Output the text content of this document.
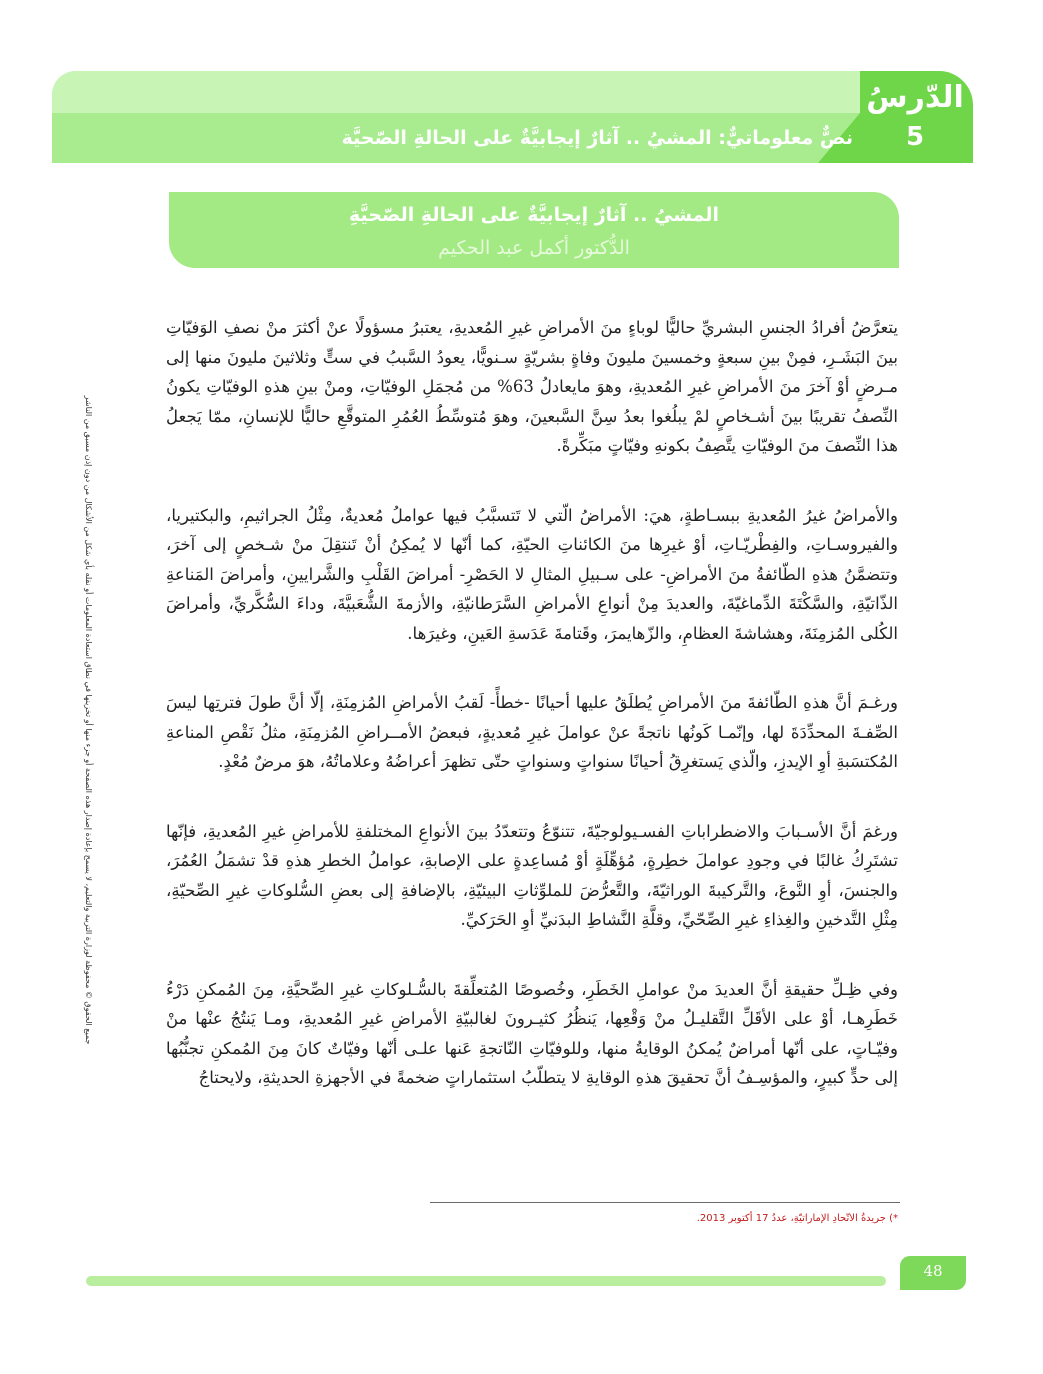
الدّرسُ
5
نصٌّ معلوماتيٌّ: المشيُ .. آثارٌ إيجابيَّةٌ على الحالةِ الصّحيَّة
المشيُ .. آثارٌ إيجابيَّةٌ على الحالةِ الصّحيَّةِ
الدُّكتور أكمل عبد الحكيم

يتعرَّضُ أفرادُ الجنسِ البشريِّ حاليًّا لوباءٍ منَ الأمراضِ غيرِ المُعديةِ، يعتبرُ مسؤولًا عنْ أكثرَ منْ نصفِ الوَفيّاتِ بينَ البَشَـرِ، فمِنْ بينِ سبعةٍ وخمسينَ مليونَ وفاةٍ بشريّةٍ سـنويًّا، يعودُ السَّببُ في ستٍّ وثلاثينَ مليونَ منها إلى مـرضٍ أوْ آخرَ منَ الأمراضِ غيرِ المُعديةِ، وهوَ مايعادلُ 63% من مُجمَلِ الوفيّاتِ، ومنْ بينِ هذهِ الوفيّاتِ يكونُ النِّصفُ تقريبًا بينَ أشـخاصٍ لمْ يبلُغوا بعدُ سِنَّ السَّبعينَ، وهوَ مُتوسِّطُ العُمُرِ المتوقَّعِ حاليًّا للإنسانِ، ممّا يَجعلُ هذا النِّصفَ منَ الوفيّاتِ يتَّصِفُ بكونهِ وفيّاتٍ مبَكِّرةً.

والأمراضُ غيرُ المُعديةِ ببسـاطةٍ، هيَ: الأمراضُ الّتي لا تَتسبَّبُ فيها عواملُ مُعديةٌ، مِثْلُ الجراثيمِ، والبكتيريا، والفيروسـاتِ، والفِطْريّـاتِ، أوْ غيرِها منَ الكائناتِ الحيّةِ، كما أنّها لا يُمكِنُ أنْ تَنتقِلَ منْ شـخصٍ إلى آخرَ، وتتضمَّنُ هذهِ الطّائفةُ منَ الأمراضِ- على سـبيلِ المثالِ لا الحَصْرِ- أمراضَ القَلْبِ والشَّرايينِ، وأمراضَ المَناعةِ الذّاتيّةِ، والسَّكْتَةَ الدِّماغيّةَ، والعديدَ مِنْ أنواعِ الأمراضِ السَّرَطانيّةِ، والأزمةَ الشُّعَبيَّةَ، وداءَ السُّكَّريِّ، وأمراضَ الكُلى المُزمِنَةَ، وهشاشةَ العظامِ، والزّهايمرَ، وقَتامةَ عَدَسةِ العَينِ، وغيرَها.

ورغـمَ أنَّ هذهِ الطّائفةَ منَ الأمراضِ يُطلَقُ عليها أحيانًا -خطأً- لَقبُ الأمراضِ المُزمِنَةِ، إلّا أنَّ طولَ فترتِها ليسَ الصِّفـةَ المحدِّدَةَ لها، وإنّمـا كَونُها ناتجةً عنْ عواملَ غيرِ مُعديةٍ، فبعضُ الأمــراضِ المُزمِنَةِ، مثلُ نَقْصِ المناعةِ المُكتسَبةِ أوِ الإيدزِ، والّذي يَستغرِقُ أحيانًا سنواتٍ وسنواتٍ حتّى تظهرَ أعراضُهُ وعلاماتُهُ، هوَ مرضٌ مُعْدٍ.

ورغمَ أنَّ الأسـبابَ والاضطراباتِ الفسـيولوجيّةَ، تتنوّعُ وتتعدّدُ بينَ الأنواعِ المختلفةِ للأمراضِ غيرِ المُعديةِ، فإنّها تشتَرِكُ غالبًا في وجودِ عواملَ خطِرةٍ، مُؤهِّلَةٍ أوْ مُساعِدةٍ على الإصابةِ، عواملُ الخطرِ هذهِ قدْ تشمَلُ العُمُرَ، والجنسَ، أوِ النَّوعَ، والتَّركيبةَ الوراثيّةَ، والتَّعرُّضَ للملوِّثاتِ البيئيّةِ، بالإضافةِ إلى بعضِ السُّلوكاتِ غيرِ الصِّحيّةِ، مِثْلِ التَّدخينِ والغِذاءِ غيرِ الصِّحّيِّ، وقلَّةِ النَّشاطِ البدَنيِّ أوِ الحَرَكيِّ.

وفي ظِـلِّ حقيقةِ أنَّ العديدَ منْ عواملِ الخَطَرِ، وخُصوصًا المُتعلِّقةَ بالسُّـلوكاتِ غيرِ الصِّحيَّةِ، مِنَ المُمكنِ دَرْءُ خَطَرِهـا، أوْ على الأقَلِّ التَّقليـلُ منْ وَقْعِها، يَنظُرُ كثيـرونَ لغالبيّةِ الأمراضِ غيرِ المُعديةِ، ومـا يَنتُجُ عنْها منْ وفيّـاتٍ، على أنّها أمراضٌ يُمكنُ الوقايةُ منها، وللوفيّاتِ النّاتجةِ عَنها علـى أنّها وفيّاتٌ كانَ مِنَ المُمكنِ تجنُّبُها إلى حدٍّ كبيرٍ، والمؤسِـفُ أنَّ تحقيقَ هذهِ الوقايةِ لا يتطلّبُ استثماراتٍ ضخمةً في الأجهزةِ الحديثةِ، ولايحتاجُ

*) جريدةُ الاتّحادِ الإماراتيّةِ، عددُ 17 أكتوبر 2013.
جميع الحقوق © محفوظة لوزارة التربية والتعليم، لا يسمح بإعادة إصدار هذه الصفحة أو جزء منها أو تخزينها في نطاق استعادة المعلومات أو نقله بأي شكل من الأشكال من دون إذن مسبق من الناشر
48
